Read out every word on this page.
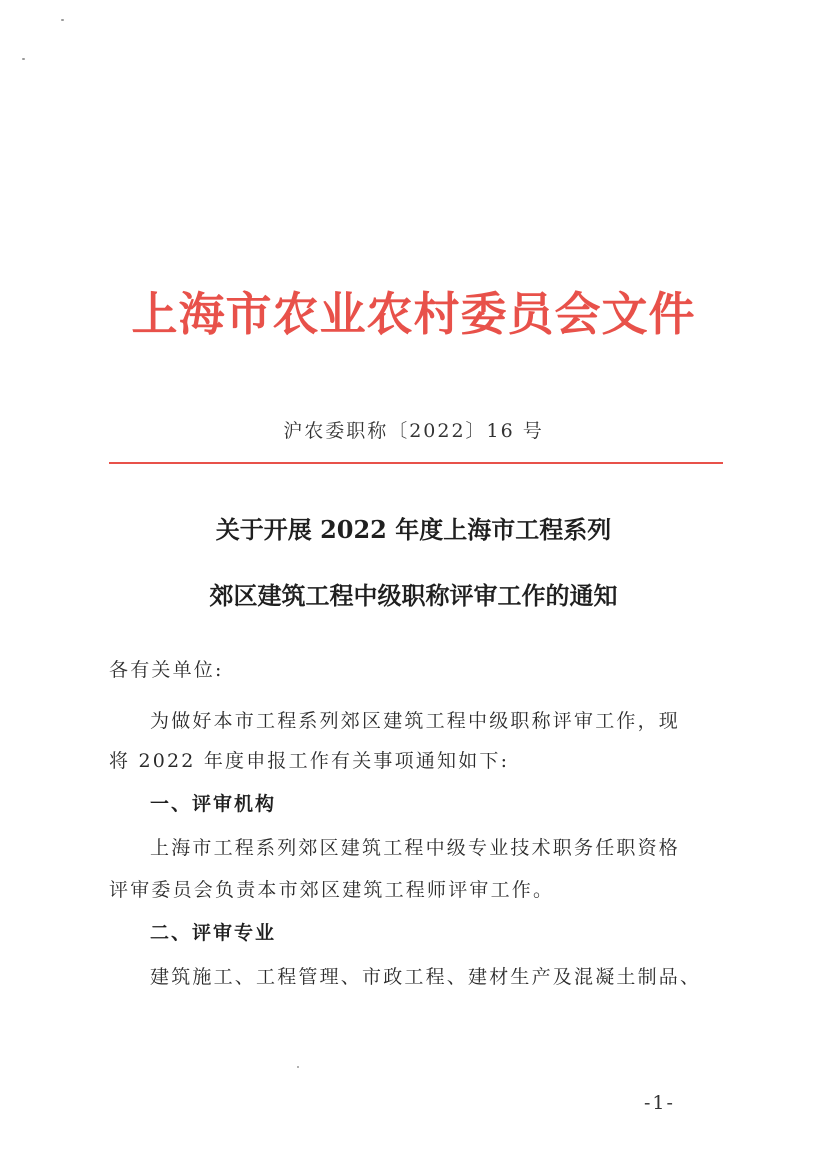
上海市农业农村委员会文件
沪农委职称〔2022〕16 号
关于开展 2022 年度上海市工程系列
郊区建筑工程中级职称评审工作的通知
各有关单位:
为做好本市工程系列郊区建筑工程中级职称评审工作，现
将 2022 年度申报工作有关事项通知如下:
一、评审机构
上海市工程系列郊区建筑工程中级专业技术职务任职资格
评审委员会负责本市郊区建筑工程师评审工作。
二、评审专业
建筑施工、工程管理、市政工程、建材生产及混凝土制品、
-1-
